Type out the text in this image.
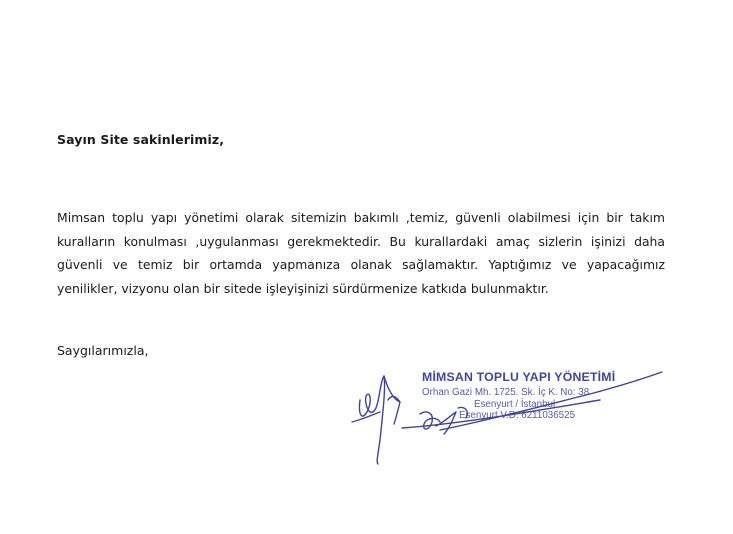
Sayın Site sakinlerimiz,

Mimsan toplu yapı yönetimi olarak sitemizin bakımlı ,temiz, güvenli olabilmesi için bir takım
kuralların konulması ,uygulanması gerekmektedir. Bu kurallardaki amaç sizlerin işinizi daha
güvenli ve temiz bir ortamda yapmanıza olanak sağlamaktır. Yaptığımız ve yapacağımız
yenilikler, vizyonu olan bir sitede işleyişinizi sürdürmenize katkıda bulunmaktır.

Saygılarımızla,
MİMSAN TOPLU YAPI YÖNETİMİ
Orhan Gazi Mh. 1725. Sk. İç K. No: 38
Esenyurt / İstanbul
Esenyurt V.D. 6211036525
